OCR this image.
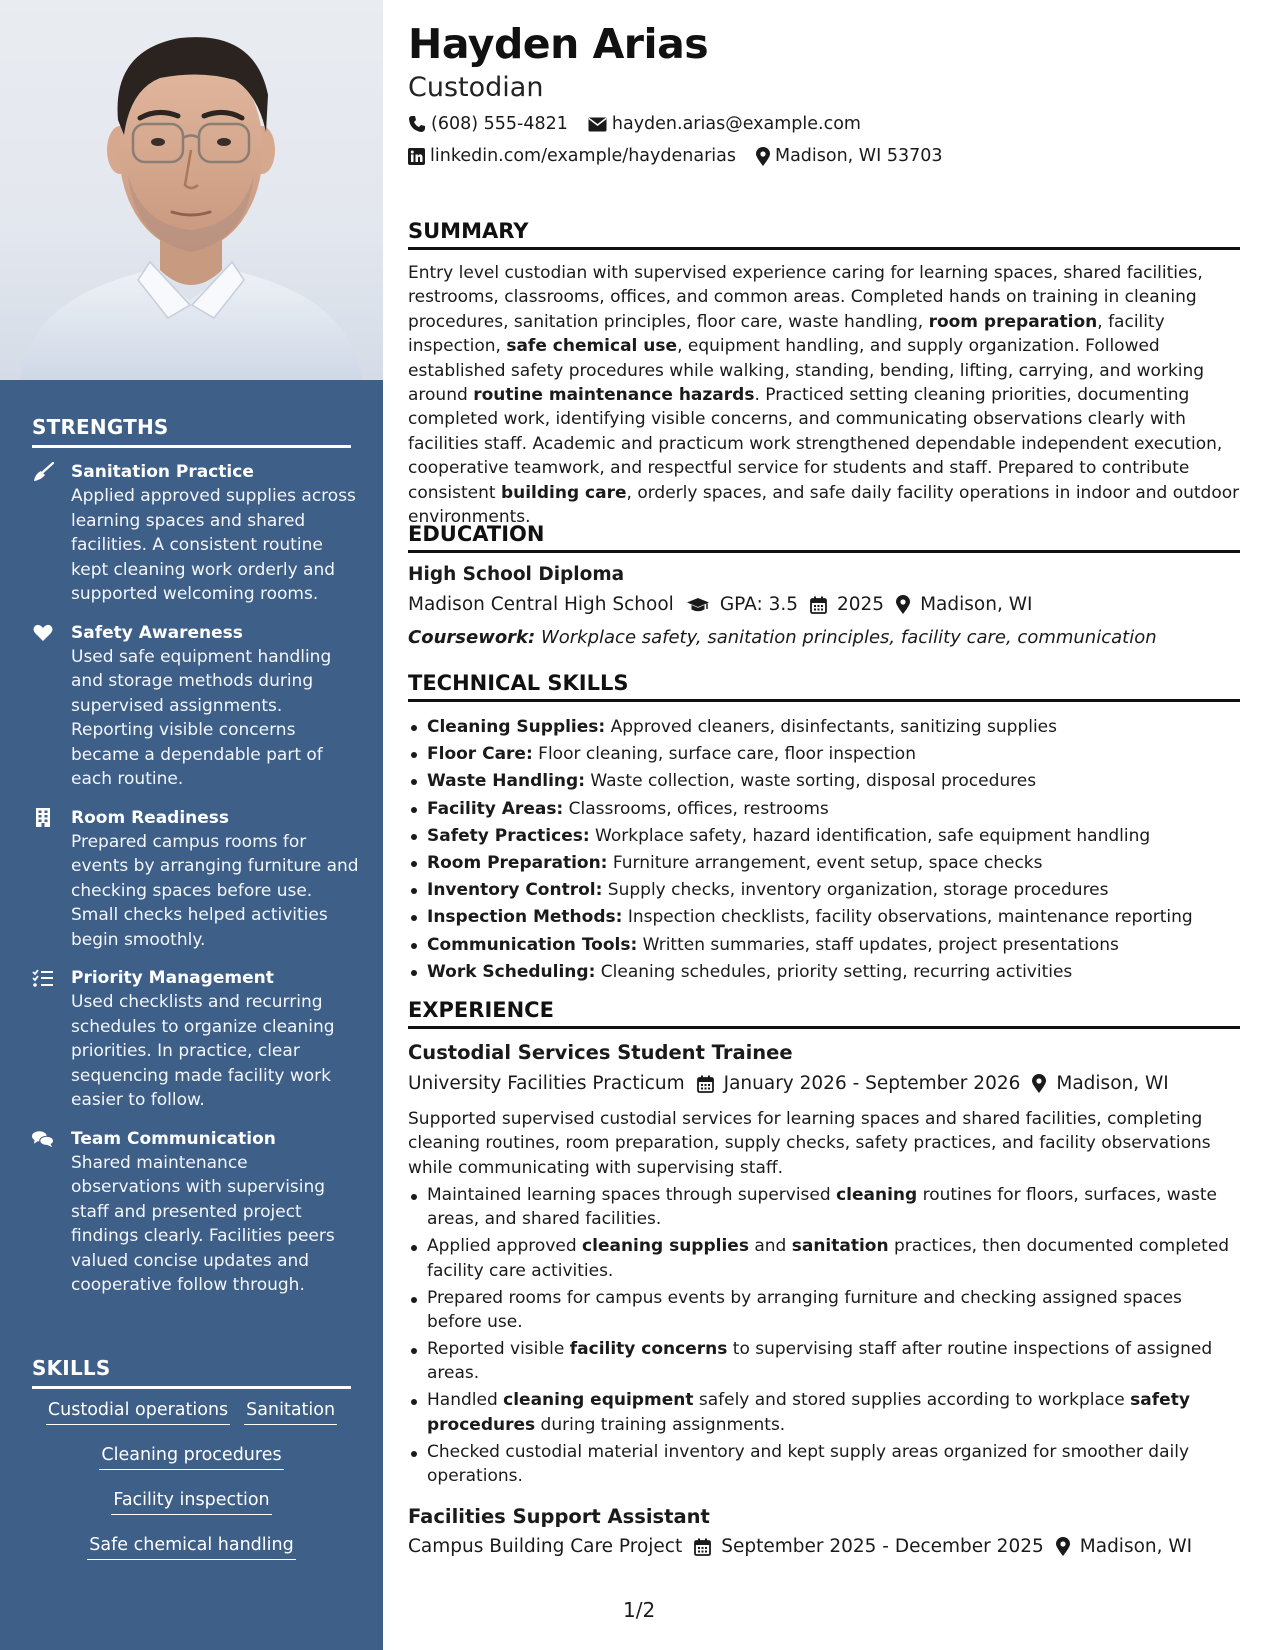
STRENGTHS
Sanitation Practice
Applied approved supplies across learning spaces and shared facilities. A consistent routine kept cleaning work orderly and supported welcoming rooms.
Safety Awareness
Used safe equipment handling and storage methods during supervised assignments. Reporting visible concerns became a dependable part of each routine.
Room Readiness
Prepared campus rooms for events by arranging furniture and checking spaces before use. Small checks helped activities begin smoothly.
Priority Management
Used checklists and recurring schedules to organize cleaning priorities. In practice, clear sequencing made facility work easier to follow.
Team Communication
Shared maintenance observations with supervising staff and presented project findings clearly. Facilities peers valued concise updates and cooperative follow through.
SKILLS
Custodial operations Sanitation
Cleaning procedures
Facility inspection
Safe chemical handling
Hayden Arias
Custodian
(608) 555-4821	hayden.arias@example.com
linkedin.com/example/haydenarias Madison, WI 53703
SUMMARY
Entry level custodian with supervised experience caring for learning spaces, shared facilities, restrooms, classrooms, offices, and common areas. Completed hands on training in cleaning procedures, sanitation principles, floor care, waste handling, room preparation, facility inspection, safe chemical use, equipment handling, and supply organization. Followed established safety procedures while walking, standing, bending, lifting, carrying, and working around routine maintenance hazards. Practiced setting cleaning priorities, documenting completed work, identifying visible concerns, and communicating observations clearly with facilities staff. Academic and practicum work strengthened dependable independent execution, cooperative teamwork, and respectful service for students and staff. Prepared to contribute consistent building care, orderly spaces, and safe daily facility operations in indoor and outdoor environments.
EDUCATION
High School Diploma
Madison Central High School GPA: 3.5 2025 Madison, WI
Coursework: Workplace safety, sanitation principles, facility care, communication
TECHNICAL SKILLS
Cleaning Supplies: Approved cleaners, disinfectants, sanitizing supplies
Floor Care: Floor cleaning, surface care, floor inspection
Waste Handling: Waste collection, waste sorting, disposal procedures
Facility Areas: Classrooms, offices, restrooms
Safety Practices: Workplace safety, hazard identification, safe equipment handling
Room Preparation: Furniture arrangement, event setup, space checks
Inventory Control: Supply checks, inventory organization, storage procedures
Inspection Methods: Inspection checklists, facility observations, maintenance reporting
Communication Tools: Written summaries, staff updates, project presentations
Work Scheduling: Cleaning schedules, priority setting, recurring activities
EXPERIENCE
Custodial Services Student Trainee
University Facilities Practicum January 2026 - September 2026 Madison, WI
Supported supervised custodial services for learning spaces and shared facilities, completing cleaning routines, room preparation, supply checks, safety practices, and facility observations while communicating with supervising staff.
Maintained learning spaces through supervised cleaning routines for floors, surfaces, waste areas, and shared facilities.
Applied approved cleaning supplies and sanitation practices, then documented completed facility care activities.
Prepared rooms for campus events by arranging furniture and checking assigned spaces before use.
Reported visible facility concerns to supervising staff after routine inspections of assigned areas.
Handled cleaning equipment safely and stored supplies according to workplace safety procedures during training assignments.
Checked custodial material inventory and kept supply areas organized for smoother daily operations.
Facilities Support Assistant
Campus Building Care Project September 2025 - December 2025 Madison, WI
1/2
